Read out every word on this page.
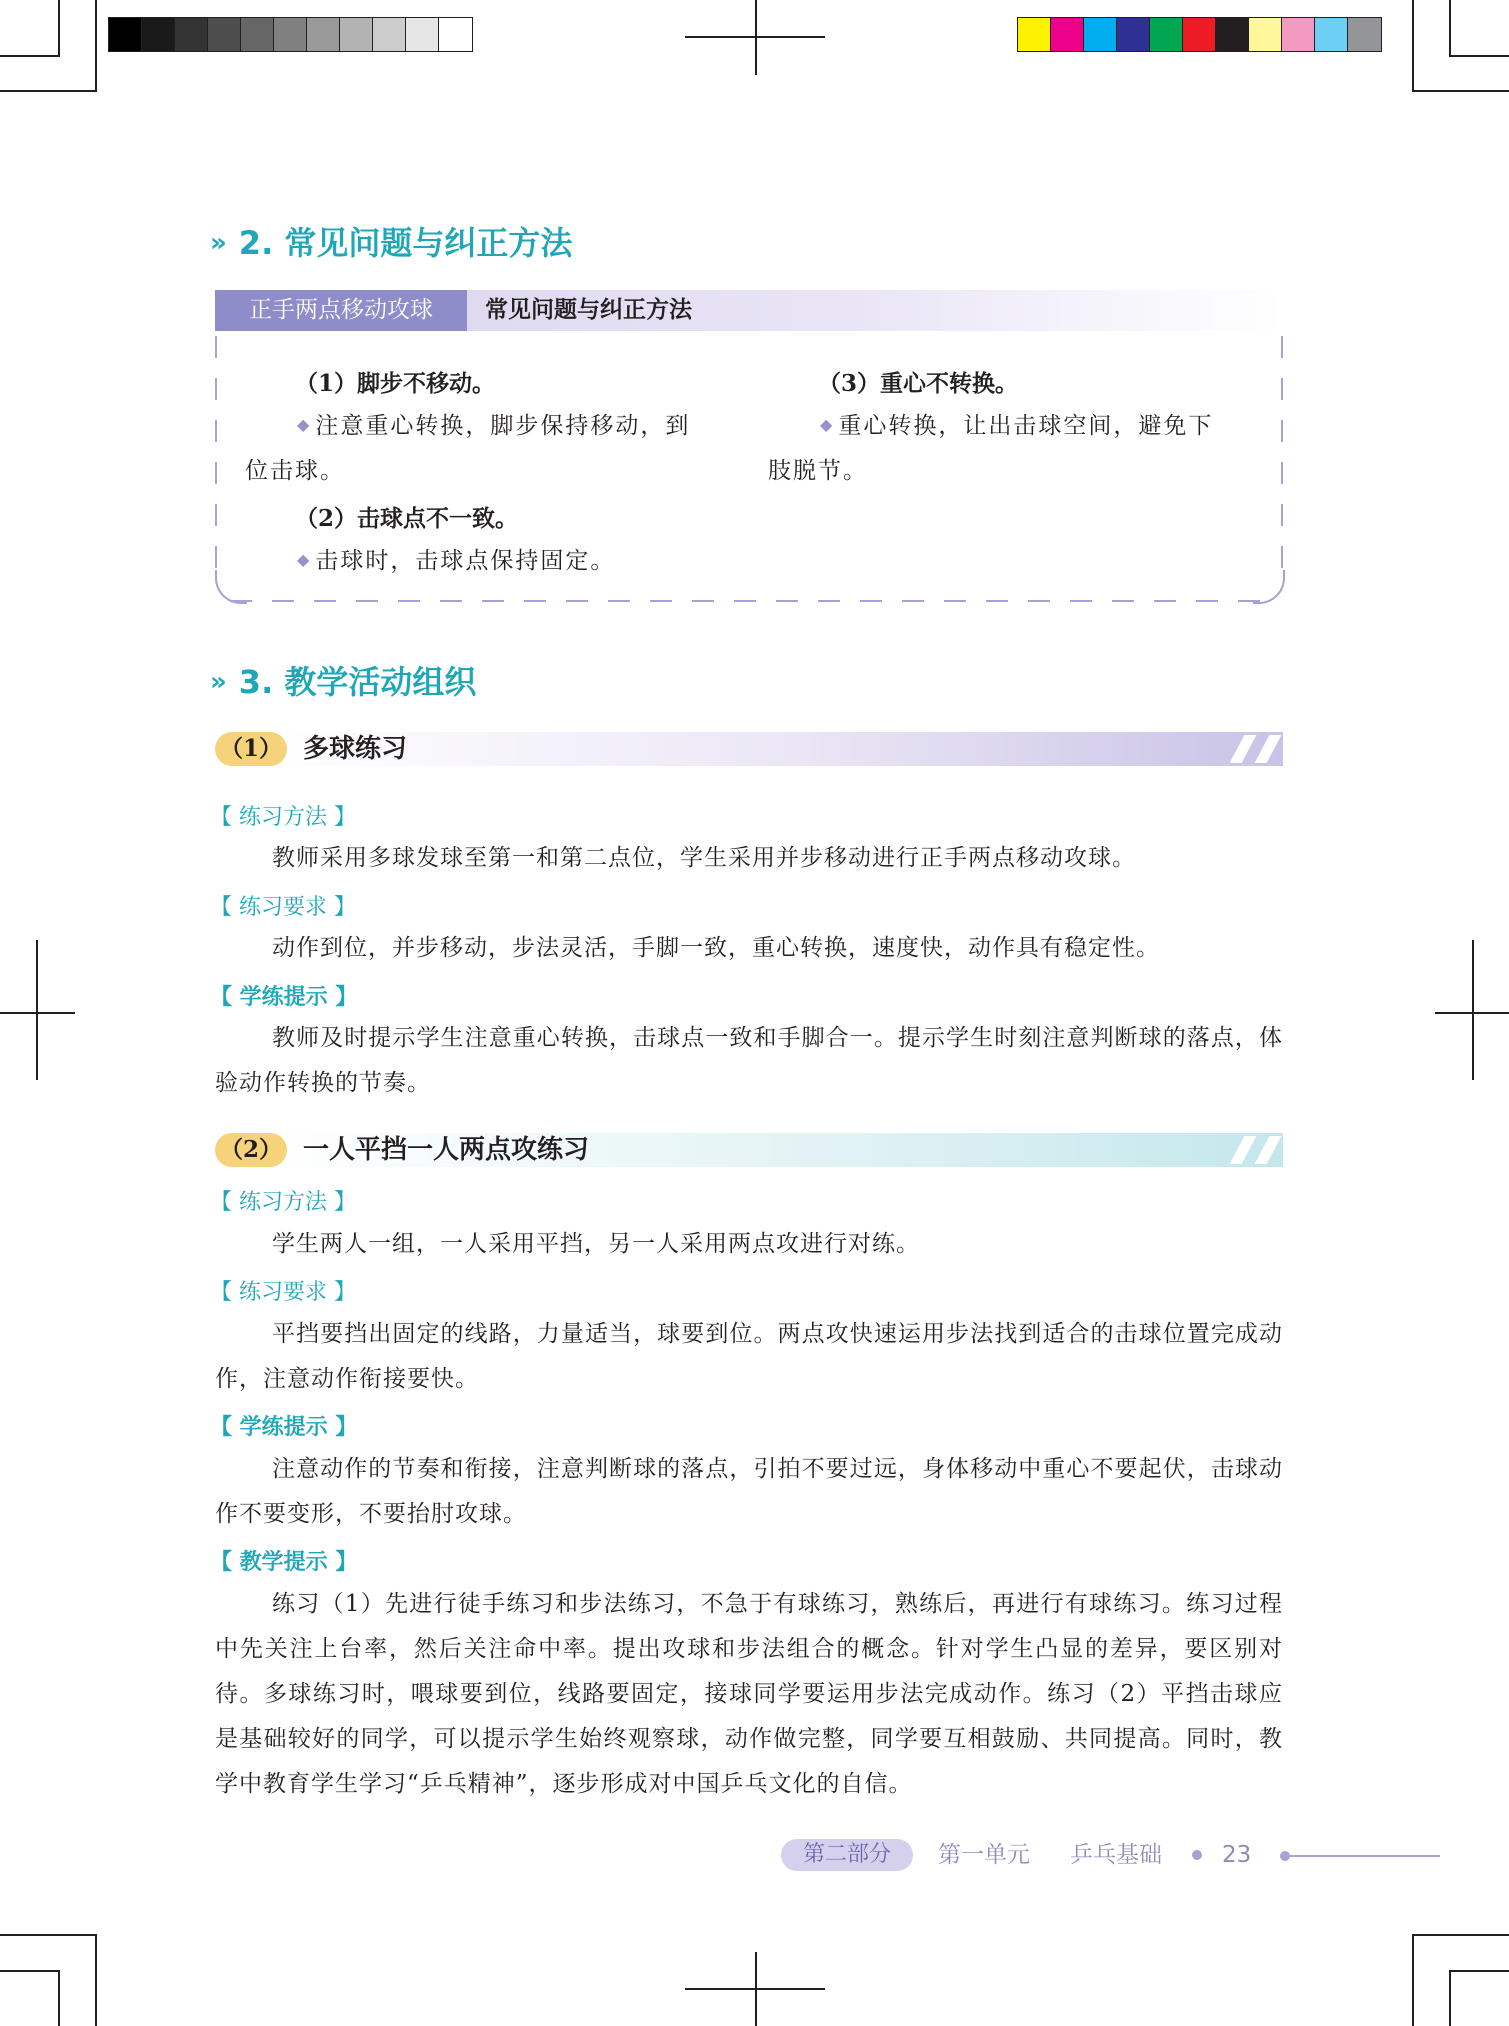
» 2. 常见问题与纠正方法
正手两点移动攻球	常见问题与纠正方法
（1）脚步不移动。
◆ 注意重心转换，脚步保持移动，到
位击球。
（2）击球点不一致。
◆ 击球时，击球点保持固定。
（3）重心不转换。
◆ 重心转换，让出击球空间，避免下
肢脱节。
» 3. 教学活动组织
（1） 多球练习
【 练习方法 】
教师采用多球发球至第一和第二点位，学生采用并步移动进行正手两点移动攻球。
【 练习要求 】
动作到位，并步移动，步法灵活，手脚一致，重心转换，速度快，动作具有稳定性。
【 学练提示 】
教师及时提示学生注意重心转换，击球点一致和手脚合一。提示学生时刻注意判断球的落点，体验动作转换的节奏。
（2） 一人平挡一人两点攻练习
【 练习方法 】
学生两人一组，一人采用平挡，另一人采用两点攻进行对练。
【 练习要求 】
平挡要挡出固定的线路，力量适当，球要到位。两点攻快速运用步法找到适合的击球位置完成动作，注意动作衔接要快。
【 学练提示 】
注意动作的节奏和衔接，注意判断球的落点，引拍不要过远，身体移动中重心不要起伏，击球动作不要变形，不要抬肘攻球。
【 教学提示 】
练习（1）先进行徒手练习和步法练习，不急于有球练习，熟练后，再进行有球练习。练习过程中先关注上台率，然后关注命中率。提出攻球和步法组合的概念。针对学生凸显的差异，要区别对待。多球练习时，喂球要到位，线路要固定，接球同学要运用步法完成动作。练习（2）平挡击球应是基础较好的同学，可以提示学生始终观察球，动作做完整，同学要互相鼓励、共同提高。同时，教学中教育学生学习“乒乓精神”，逐步形成对中国乒乓文化的自信。
第二部分	第一单元 乒乓基础	23
